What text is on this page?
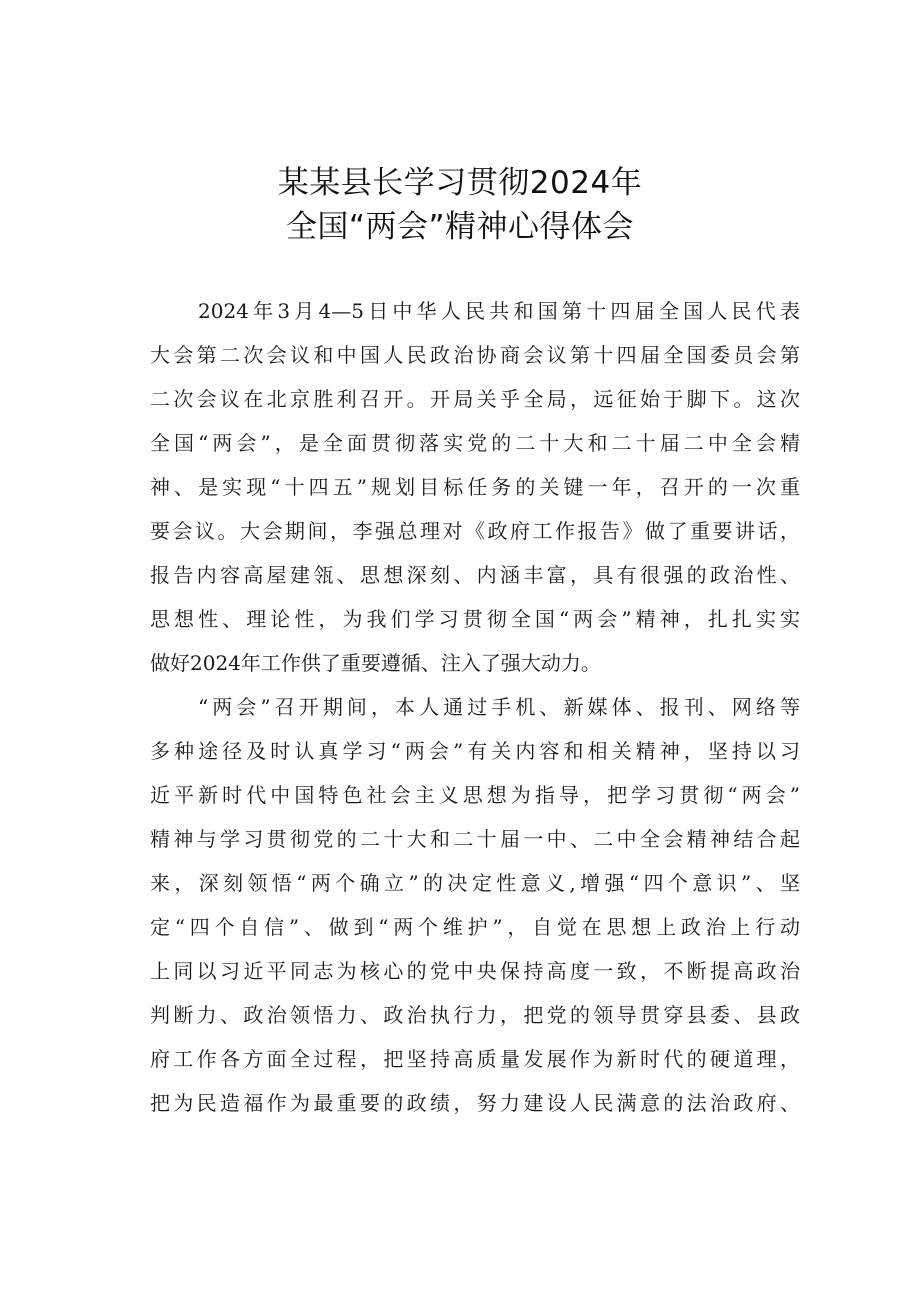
某某县长学习贯彻2024年
全国“两会”精神心得体会
2024年3月4—5日中华人民共和国第十四届全国人民代表
大会第二次会议和中国人民政治协商会议第十四届全国委员会第
二次会议在北京胜利召开。开局关乎全局，远征始于脚下。这次
全国“两会”，是全面贯彻落实党的二十大和二十届二中全会精
神、是实现“十四五”规划目标任务的关键一年，召开的一次重
要会议。大会期间，李强总理对《政府工作报告》做了重要讲话，
报告内容高屋建瓴、思想深刻、内涵丰富，具有很强的政治性、
思想性、理论性，为我们学习贯彻全国“两会”精神，扎扎实实
做好2024年工作供了重要遵循、注入了强大动力。
“两会”召开期间，本人通过手机、新媒体、报刊、网络等
多种途径及时认真学习“两会”有关内容和相关精神，坚持以习
近平新时代中国特色社会主义思想为指导，把学习贯彻“两会”
精神与学习贯彻党的二十大和二十届一中、二中全会精神结合起
来，深刻领悟“两个确立”的决定性意义,增强“四个意识”、坚
定“四个自信”、做到“两个维护”，自觉在思想上政治上行动
上同以习近平同志为核心的党中央保持高度一致，不断提高政治
判断力、政治领悟力、政治执行力，把党的领导贯穿县委、县政
府工作各方面全过程，把坚持高质量发展作为新时代的硬道理，
把为民造福作为最重要的政绩，努力建设人民满意的法治政府、
